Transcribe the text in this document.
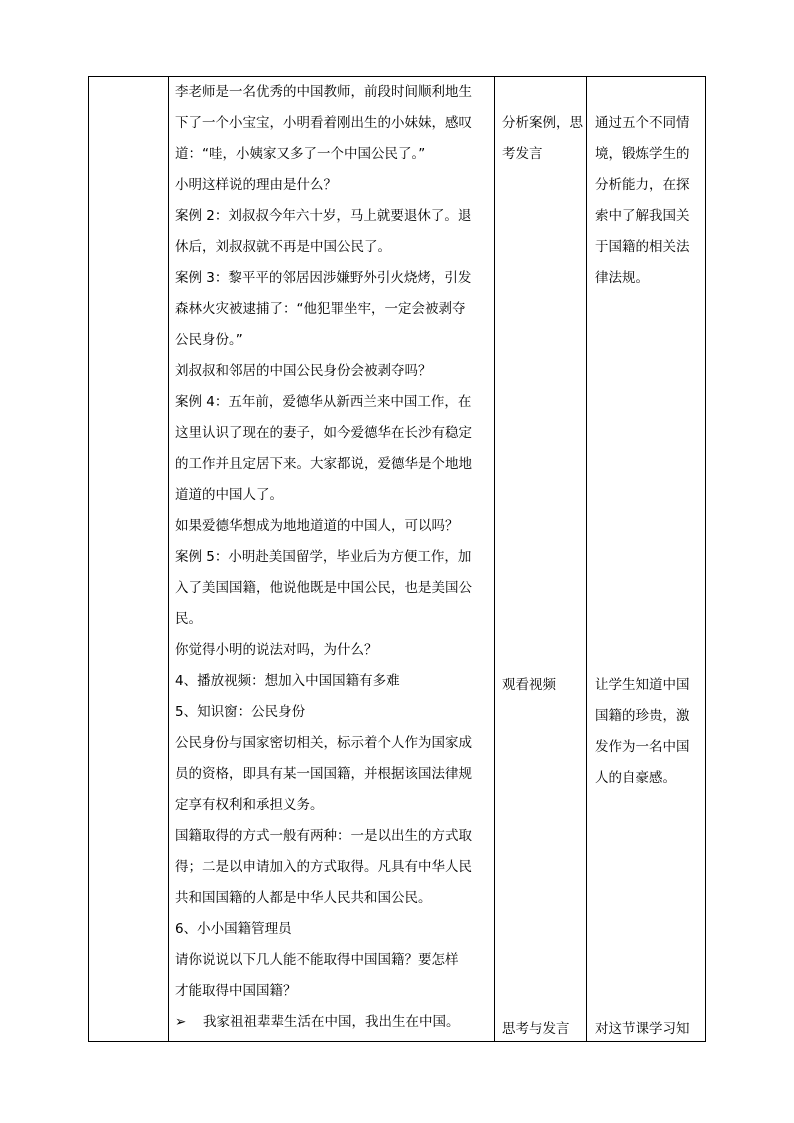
李老师是一名优秀的中国教师，前段时间顺利地生
下了一个小宝宝，小明看着刚出生的小妹妹，感叹
道：“哇，小姨家又多了一个中国公民了。”
小明这样说的理由是什么？
案例 2：刘叔叔今年六十岁，马上就要退休了。退
休后，刘叔叔就不再是中国公民了。
案例 3：黎平平的邻居因涉嫌野外引火烧烤，引发
森林火灾被逮捕了：“他犯罪坐牢，一定会被剥夺
公民身份。”
刘叔叔和邻居的中国公民身份会被剥夺吗？
案例 4：五年前，爱德华从新西兰来中国工作，在
这里认识了现在的妻子，如今爱德华在长沙有稳定
的工作并且定居下来。大家都说，爱德华是个地地
道道的中国人了。
如果爱德华想成为地地道道的中国人，可以吗？
案例 5：小明赴美国留学，毕业后为方便工作，加
入了美国国籍，他说他既是中国公民，也是美国公
民。
你觉得小明的说法对吗，为什么？
4、播放视频：想加入中国国籍有多难
5、知识窗：公民身份
公民身份与国家密切相关，标示着个人作为国家成
员的资格，即具有某一国国籍，并根据该国法律规
定享有权利和承担义务。
国籍取得的方式一般有两种：一是以出生的方式取
得；二是以申请加入的方式取得。凡具有中华人民
共和国国籍的人都是中华人民共和国公民。
6、小小国籍管理员
请你说说以下几人能不能取得中国国籍？要怎样
才能取得中国国籍？
➢ 我家祖祖辈辈生活在中国，我出生在中国。
分析案例，思
考发言
观看视频
思考与发言
通过五个不同情
境，锻炼学生的
分析能力，在探
索中了解我国关
于国籍的相关法
律法规。
让学生知道中国
国籍的珍贵，激
发作为一名中国
人的自豪感。
对这节课学习知
